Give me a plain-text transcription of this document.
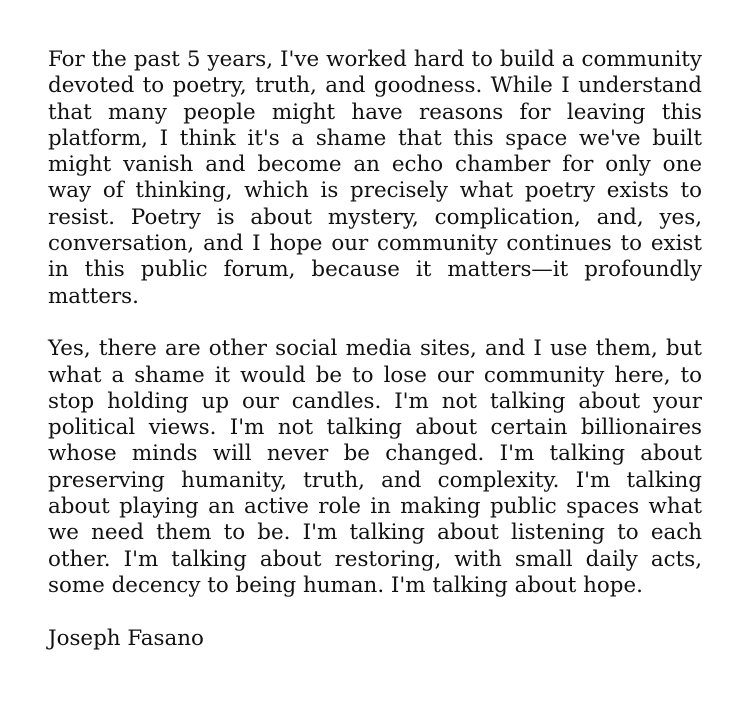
For the past 5 years, I've worked hard to build a community devoted to poetry, truth, and goodness. While I understand that many people might have reasons for leaving this platform, I think it's a shame that this space we've built might vanish and become an echo chamber for only one way of thinking, which is precisely what poetry exists to resist. Poetry is about mystery, complication, and, yes, conversation, and I hope our community continues to exist in this public forum, because it matters—it profoundly matters.

Yes, there are other social media sites, and I use them, but what a shame it would be to lose our community here, to stop holding up our candles. I'm not talking about your political views. I'm not talking about certain billionaires whose minds will never be changed. I'm talking about preserving humanity, truth, and complexity. I'm talking about playing an active role in making public spaces what we need them to be. I'm talking about listening to each other. I'm talking about restoring, with small daily acts, some decency to being human. I'm talking about hope.

Joseph Fasano
